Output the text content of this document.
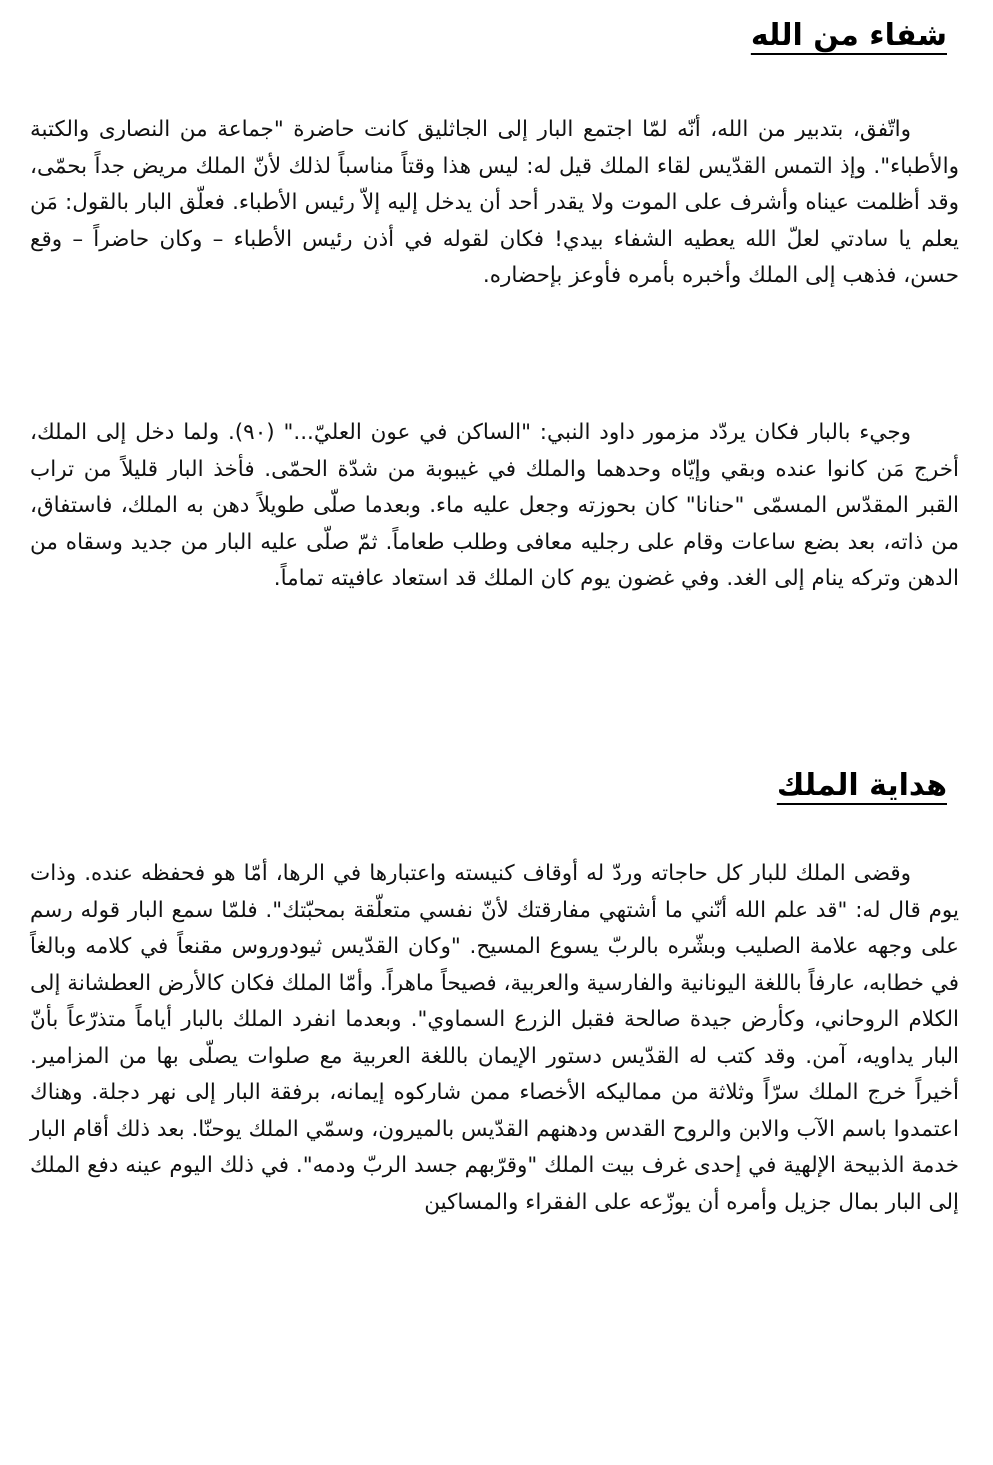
شفاء من الله

واتّفق، بتدبير من الله، أنّه لمّا اجتمع البار إلى الجاثليق كانت حاضرة "جماعة من النصارى والكتبة والأطباء". وإذ التمس القدّيس لقاء الملك قيل له: ليس هذا وقتاً مناسباً لذلك لأنّ الملك مريض جداً بحمّى، وقد أظلمت عيناه وأشرف على الموت ولا يقدر أحد أن يدخل إليه إلاّ رئيس الأطباء. فعلّق البار بالقول: مَن يعلم يا سادتي لعلّ الله يعطيه الشفاء بيدي! فكان لقوله في أذن رئيس الأطباء – وكان حاضراً – وقع حسن، فذهب إلى الملك وأخبره بأمره فأوعز بإحضاره.

وجيء بالبار فكان يردّد مزمور داود النبي: "الساكن في عون العليّ..." (٩٠). ولما دخل إلى الملك، أخرج مَن كانوا عنده وبقي وإيّاه وحدهما والملك في غيبوبة من شدّة الحمّى. فأخذ البار قليلاً من تراب القبر المقدّس المسمّى "حنانا" كان بحوزته وجعل عليه ماء. وبعدما صلّى طويلاً دهن به الملك، فاستفاق، من ذاته، بعد بضع ساعات وقام على رجليه معافى وطلب طعاماً. ثمّ صلّى عليه البار من جديد وسقاه من الدهن وتركه ينام إلى الغد. وفي غضون يوم كان الملك قد استعاد عافيته تماماً.

هداية الملك

وقضى الملك للبار كل حاجاته وردّ له أوقاف كنيسته واعتبارها في الرها، أمّا هو فحفظه عنده. وذات يوم قال له: "قد علم الله أنّني ما أشتهي مفارقتك لأنّ نفسي متعلّقة بمحبّتك". فلمّا سمع البار قوله رسم على وجهه علامة الصليب وبشّره بالربّ يسوع المسيح. "وكان القدّيس ثيودوروس مقنعاً في كلامه وبالغاً في خطابه، عارفاً باللغة اليونانية والفارسية والعربية، فصيحاً ماهراً. وأمّا الملك فكان كالأرض العطشانة إلى الكلام الروحاني، وكأرض جيدة صالحة فقبل الزرع السماوي". وبعدما انفرد الملك بالبار أياماً متذرّعاً بأنّ البار يداويه، آمن. وقد كتب له القدّيس دستور الإيمان باللغة العربية مع صلوات يصلّى بها من المزامير. أخيراً خرج الملك سرّاً وثلاثة من مماليكه الأخصاء ممن شاركوه إيمانه، برفقة البار إلى نهر دجلة. وهناك اعتمدوا باسم الآب والابن والروح القدس ودهنهم القدّيس بالميرون، وسمّي الملك يوحنّا. بعد ذلك أقام البار خدمة الذبيحة الإلهية في إحدى غرف بيت الملك "وقرّبهم جسد الربّ ودمه". في ذلك اليوم عينه دفع الملك إلى البار بمال جزيل وأمره أن يوزّعه على الفقراء والمساكين
